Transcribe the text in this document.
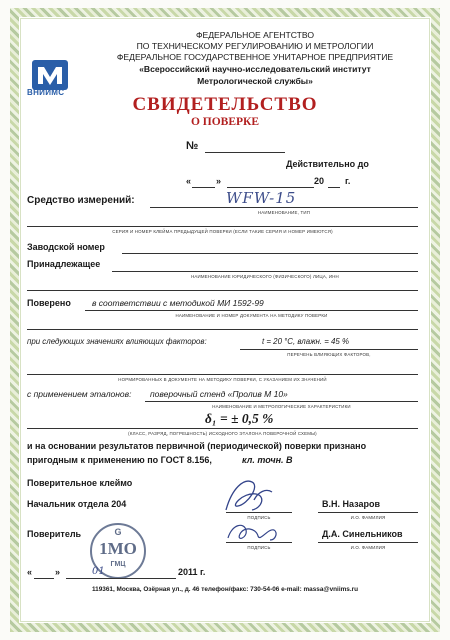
ВНИИМС
ФЕДЕРАЛЬНОЕ АГЕНТСТВО
ПО ТЕХНИЧЕСКОМУ РЕГУЛИРОВАНИЮ И МЕТРОЛОГИИ
ФЕДЕРАЛЬНОЕ ГОСУДАРСТВЕННОЕ УНИТАРНОЕ ПРЕДПРИЯТИЕ
«Всероссийский научно-исследовательский институт
Метрологической службы»
СВИДЕТЕЛЬСТВО
О ПОВЕРКЕ
№
Действительно до
«	»	20 г.
Средство измерений:	WFW-15
НАИМЕНОВАНИЕ, ТИП
СЕРИЯ И НОМЕР КЛЕЙМА ПРЕДЫДУЩЕЙ ПОВЕРКИ (ЕСЛИ ТАКИЕ СЕРИЯ И НОМЕР ИМЕЮТСЯ)
Заводской номер
Принадлежащее
НАИМЕНОВАНИЕ ЮРИДИЧЕСКОГО (ФИЗИЧЕСКОГО) ЛИЦА, ИНН
Поверено в соответствии с методикой МИ 1592-99
НАИМЕНОВАНИЕ И НОМЕР ДОКУМЕНТА НА МЕТОДИКУ ПОВЕРКИ
при следующих значениях влияющих факторов:	t = 20 °С, влажн. = 45 %
ПЕРЕЧЕНЬ ВЛИЯЮЩИХ ФАКТОРОВ,
НОРМИРОВАННЫХ В ДОКУМЕНТЕ НА МЕТОДИКУ ПОВЕРКИ, С УКАЗАНИЕМ ИХ ЗНАЧЕНИЙ
с применением эталонов: поверочный стенд «Пролив М 10»
НАИМЕНОВАНИЕ И МЕТРОЛОГИЧЕСКИЕ ХАРАКТЕРИСТИКИ
δ₁ = ± 0,5 %
(КЛАСС, РАЗРЯД, ПОГРЕШНОСТЬ) ИСХОДНОГО ЭТАЛОНА ПОВЕРОЧНОЙ СХЕМЫ)
и на основании результатов первичной (периодической) поверки признано
пригодным к применению по ГОСТ 8.156,	кл. точн. В
Поверительное клеймо
Начальник отдела 204
ПОДПИСЬ
В.Н. Назаров
И.О. ФАМИЛИЯ
Поверитель
ПОДПИСЬ
Д.А. Синельников
И.О. ФАМИЛИЯ
G
1МО
ГМЦ
«	»	01	2011 г.
119361, Москва, Озёрная ул., д. 46 телефон/факс: 730-54-06 e-mail: massa@vniims.ru
